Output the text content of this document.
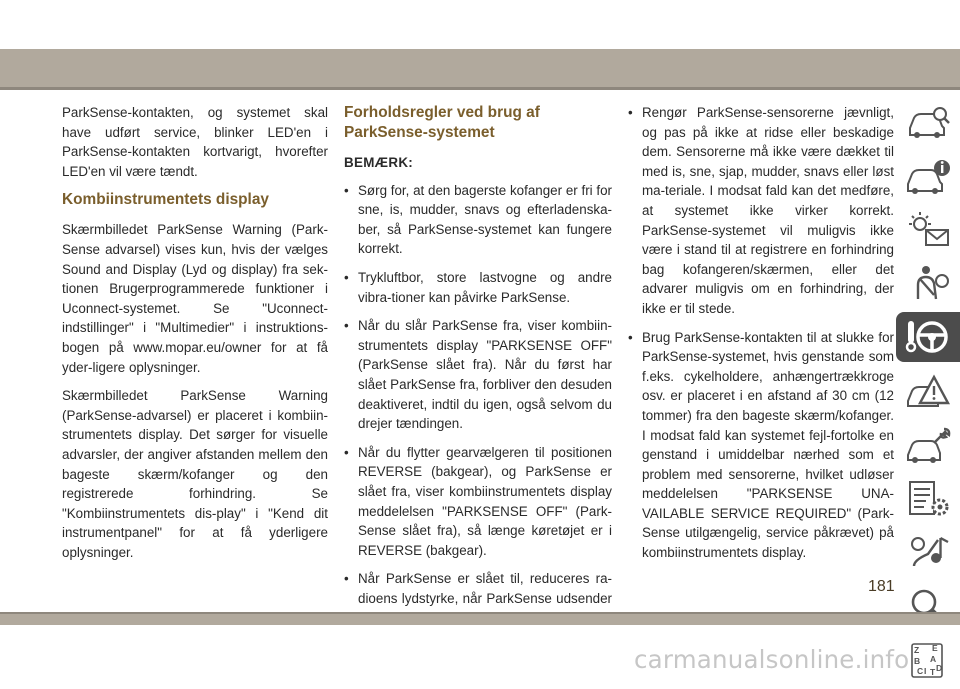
ParkSense-kontakten, og systemet skal have udført service, blinker LED'en i ParkSense-kontakten kortvarigt, hvorefter LED'en vil være tændt.

Kombiinstrumentets display

Skærmbilledet ParkSense Warning (Park-Sense advarsel) vises kun, hvis der vælges Sound and Display (Lyd og display) fra sek-tionen Brugerprogrammerede funktioner i Uconnect-systemet. Se "Uconnect-indstillinger" i "Multimedier" i instruktions-bogen på www.mopar.eu/owner for at få yder-ligere oplysninger.

Skærmbilledet ParkSense Warning (ParkSense-advarsel) er placeret i kombiin-strumentets display. Det sørger for visuelle advarsler, der angiver afstanden mellem den bageste skærm/kofanger og den registrerede forhindring. Se "Kombiinstrumentets dis-play" i "Kend dit instrumentpanel" for at få yderligere oplysninger.

Forholdsregler ved brug af ParkSense-systemet
BEMÆRK:
• Sørg for, at den bagerste kofanger er fri for sne, is, mudder, snavs og efterladenska-ber, så ParkSense-systemet kan fungere korrekt.
• Trykluftbor, store lastvogne og andre vibra-tioner kan påvirke ParkSense.
• Når du slår ParkSense fra, viser kombiin-strumentets display "PARKSENSE OFF" (ParkSense slået fra). Når du først har slået ParkSense fra, forbliver den desuden deaktiveret, indtil du igen, også selvom du drejer tændingen.
• Når du flytter gearvælgeren til positionen REVERSE (bakgear), og ParkSense er slået fra, viser kombiinstrumentets display meddelelsen "PARKSENSE OFF" (Park-Sense slået fra), så længe køretøjet er i REVERSE (bakgear).
• Når ParkSense er slået til, reduceres ra-dioens lydstyrke, når ParkSense udsender
• Rengør ParkSense-sensorerne jævnligt, og pas på ikke at ridse eller beskadige dem. Sensorerne må ikke være dækket til med is, sne, sjap, mudder, snavs eller løst ma-teriale. I modsat fald kan det medføre, at systemet ikke virker korrekt. ParkSense-systemet vil muligvis ikke være i stand til at registrere en forhindring bag kofangeren/skærmen, eller det advarer muligvis om en forhindring, der ikke er til stede.
• Brug ParkSense-kontakten til at slukke for ParkSense-systemet, hvis genstande som f.eks. cykelholdere, anhængertrækkroge osv. er placeret i en afstand af 30 cm (12 tommer) fra den bageste skærm/kofanger. I modsat fald kan systemet fejl-fortolke en genstand i umiddelbar nærhed som et problem med sensorerne, hvilket udløser meddelelsen "PARKSENSE UNA-VAILABLE SERVICE REQUIRED" (Park-Sense utilgængelig, service påkrævet) på kombiinstrumentets display.
Z E
B A
C I T D
181
carmanualsonline.info
